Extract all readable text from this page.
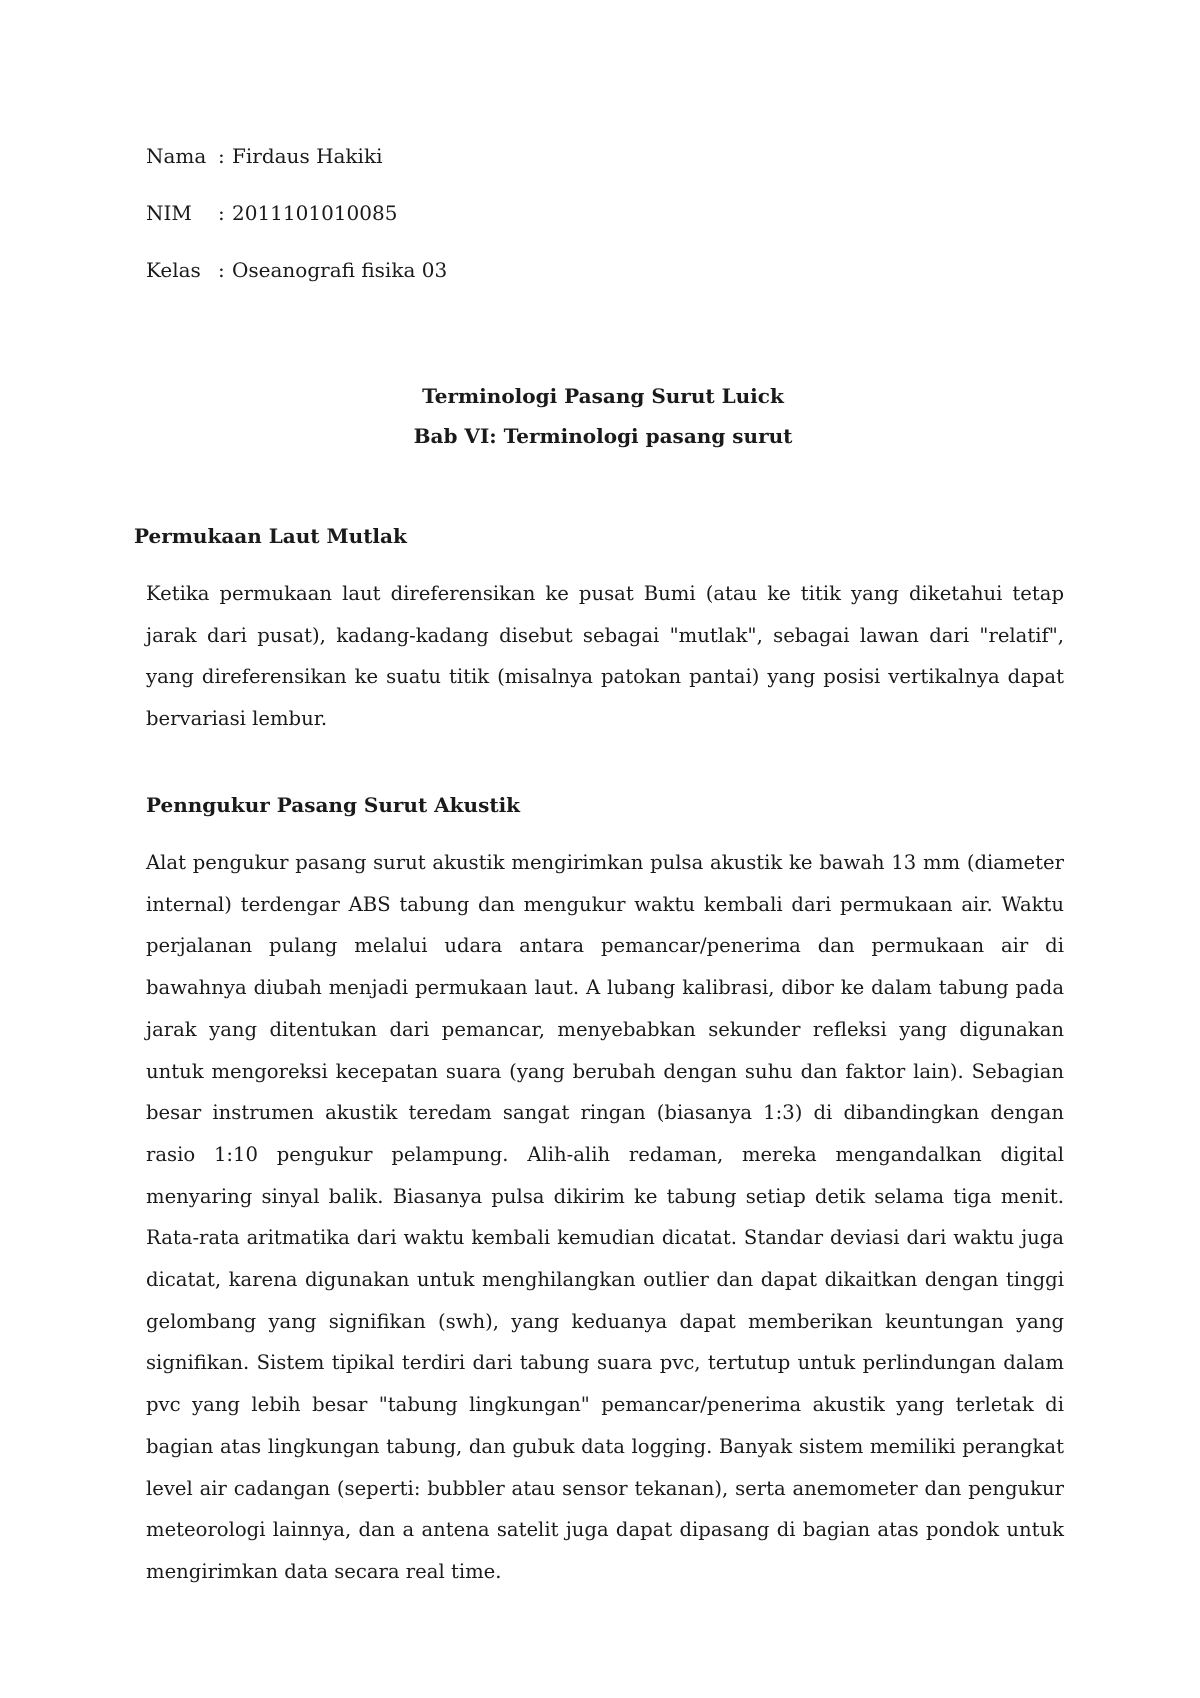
Nama : Firdaus Hakiki
NIM	: 2011101010085
Kelas : Oseanografi fisika 03
Terminologi Pasang Surut Luick
Bab VI: Terminologi pasang surut
Permukaan Laut Mutlak

Ketika permukaan laut direferensikan ke pusat Bumi (atau ke titik yang diketahui tetap jarak dari pusat), kadang-kadang disebut sebagai "mutlak", sebagai lawan dari "relatif", yang direferensikan ke suatu titik (misalnya patokan pantai) yang posisi vertikalnya dapat bervariasi lembur.

Penngukur Pasang Surut Akustik

Alat pengukur pasang surut akustik mengirimkan pulsa akustik ke bawah 13 mm (diameter internal) terdengar ABS tabung dan mengukur waktu kembali dari permukaan air. Waktu perjalanan pulang melalui udara antara pemancar/penerima dan permukaan air di bawahnya diubah menjadi permukaan laut. A lubang kalibrasi, dibor ke dalam tabung pada jarak yang ditentukan dari pemancar, menyebabkan sekunder refleksi yang digunakan untuk mengoreksi kecepatan suara (yang berubah dengan suhu dan faktor lain). Sebagian besar instrumen akustik teredam sangat ringan (biasanya 1:3) di dibandingkan dengan rasio 1:10 pengukur pelampung. Alih-alih redaman, mereka mengandalkan digital menyaring sinyal balik. Biasanya pulsa dikirim ke tabung setiap detik selama tiga menit. Rata-rata aritmatika dari waktu kembali kemudian dicatat. Standar deviasi dari waktu juga dicatat, karena digunakan untuk menghilangkan outlier dan dapat dikaitkan dengan tinggi gelombang yang signifikan (swh), yang keduanya dapat memberikan keuntungan yang signifikan. Sistem tipikal terdiri dari tabung suara pvc, tertutup untuk perlindungan dalam pvc yang lebih besar "tabung lingkungan" pemancar/penerima akustik yang terletak di bagian atas lingkungan tabung, dan gubuk data logging. Banyak sistem memiliki perangkat level air cadangan (seperti: bubbler atau sensor tekanan), serta anemometer dan pengukur meteorologi lainnya, dan a antena satelit juga dapat dipasang di bagian atas pondok untuk mengirimkan data secara real time.
